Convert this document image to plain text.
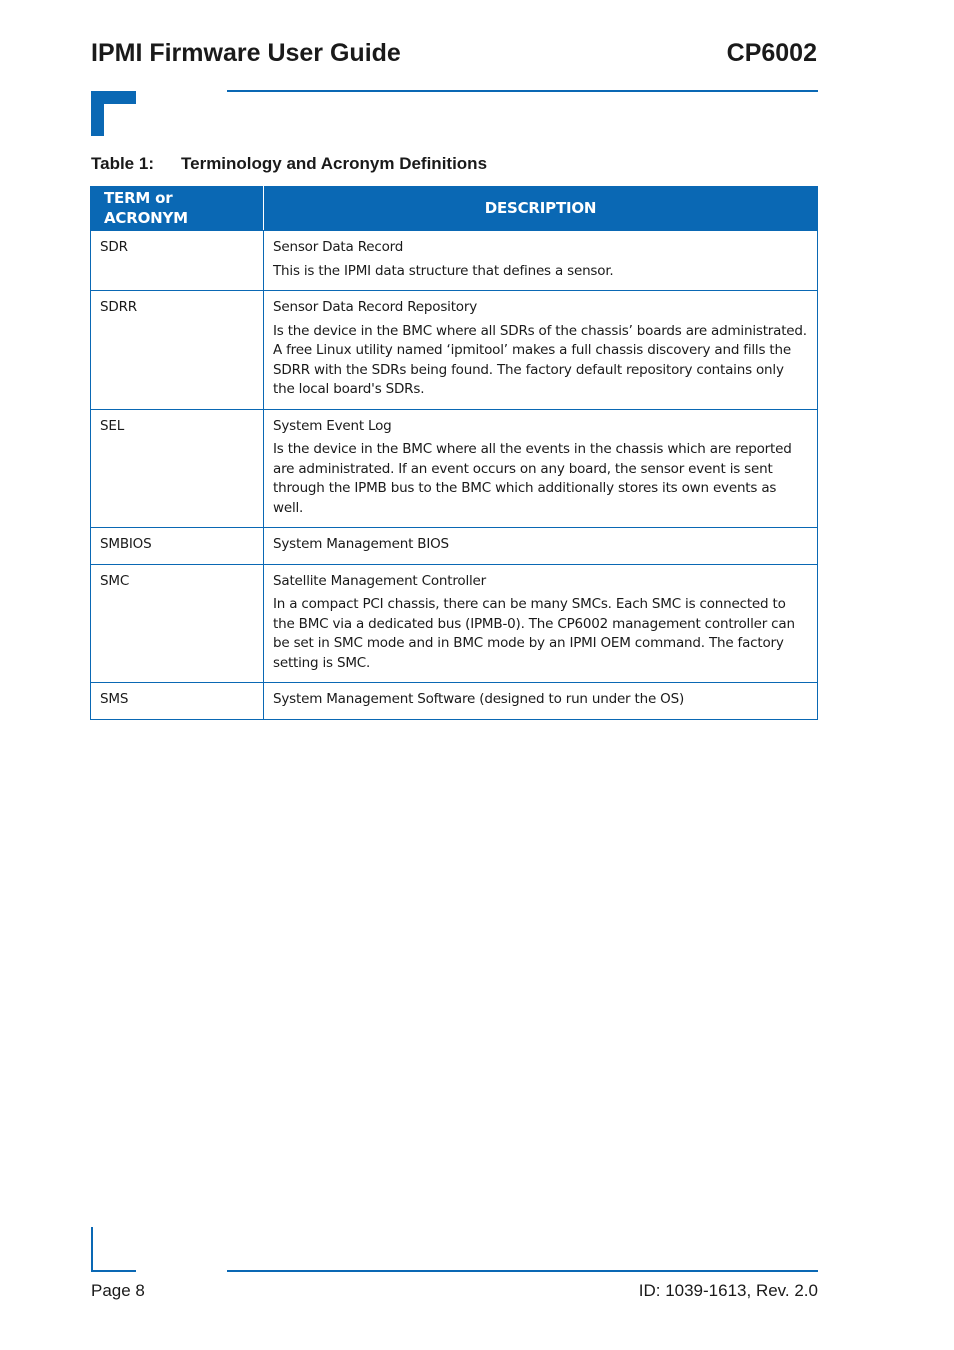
IPMI Firmware User Guide	CP6002
Table 1: Terminology and Acronym Definitions
TERM or ACRONYM	DESCRIPTION
SDR	Sensor Data Record

This is the IPMI data structure that defines a sensor.

SDRR	Sensor Data Record Repository

Is the device in the BMC where all SDRs of the chassis’ boards are administrated. A free Linux utility named ‘ipmitool’ makes a full chassis discovery and fills the SDRR with the SDRs being found. The factory default repository contains only the local board's SDRs.

SEL	System Event Log

Is the device in the BMC where all the events in the chassis which are reported are administrated. If an event occurs on any board, the sensor event is sent through the IPMB bus to the BMC which additionally stores its own events as well.

SMBIOS	System Management BIOS

SMC	Satellite Management Controller

In a compact PCI chassis, there can be many SMCs. Each SMC is connected to the BMC via a dedicated bus (IPMB-0). The CP6002 management controller can be set in SMC mode and in BMC mode by an IPMI OEM command. The factory setting is SMC.

SMS	System Management Software (designed to run under the OS)

Page 8	ID: 1039-1613, Rev. 2.0
